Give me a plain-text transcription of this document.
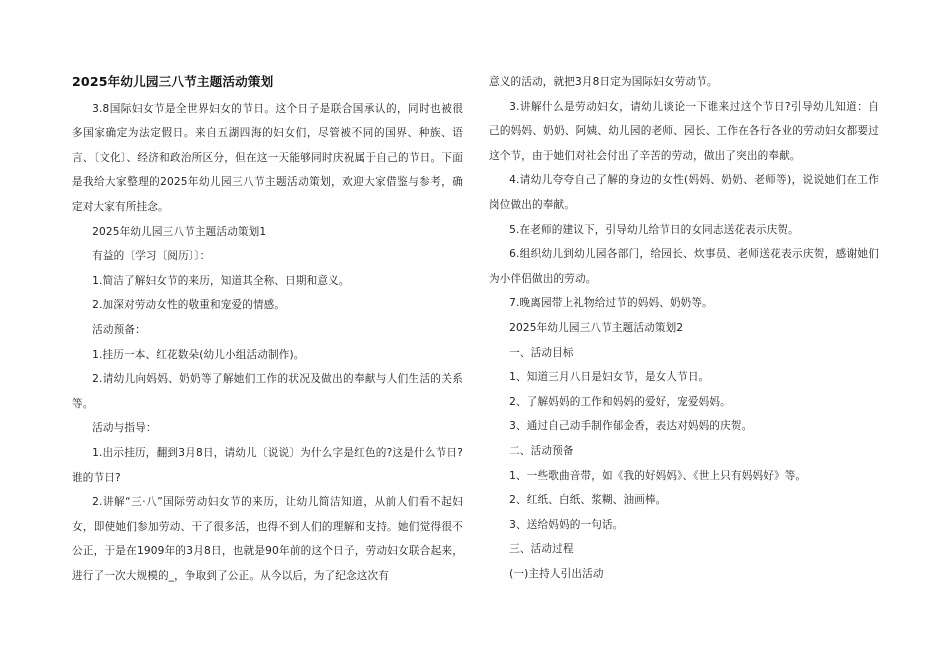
2025年幼儿园三八节主题活动策划

3.8国际妇女节是全世界妇女的节日。这个日子是联合国承认的，同时也被很多国家确定为法定假日。来自五湖四海的妇女们，尽管被不同的国界、种族、语言、〔文化〕、经济和政治所区分，但在这一天能够同时庆祝属于自己的节日。下面是我给大家整理的2025年幼儿园三八节主题活动策划，欢迎大家借鉴与参考，确定对大家有所挂念。

2025年幼儿园三八节主题活动策划1

有益的〔学习〔阅历〕〕：

1.简洁了解妇女节的来历，知道其全称、日期和意义。

2.加深对劳动女性的敬重和宠爱的情感。

活动预备：

1.挂历一本、红花数朵(幼儿小组活动制作)。

2.请幼儿向妈妈、奶奶等了解她们工作的状况及做出的奉献与人们生活的关系等。

活动与指导：

1.出示挂历，翻到3月8日，请幼儿〔说说〕为什么字是红色的?这是什么节日?谁的节日?

2.讲解“三·八”国际劳动妇女节的来历，让幼儿简洁知道，从前人们看不起妇女，即使她们参加劳动、干了很多活，也得不到人们的理解和支持。她们觉得很不公正，于是在1909年的3月8日，也就是90年前的这个日子，劳动妇女联合起来，进行了一次大规模的_，争取到了公正。从今以后，为了纪念这次有

意义的活动，就把3月8日定为国际妇女劳动节。

3.讲解什么是劳动妇女，请幼儿谈论一下谁来过这个节日?引导幼儿知道：自己的妈妈、奶奶、阿姨、幼儿园的老师、园长、工作在各行各业的劳动妇女都要过这个节，由于她们对社会付出了辛苦的劳动，做出了突出的奉献。

4.请幼儿夸夸自己了解的身边的女性(妈妈、奶奶、老师等)，说说她们在工作岗位做出的奉献。

5.在老师的建议下，引导幼儿给节日的女同志送花表示庆贺。

6.组织幼儿到幼儿园各部门，给园长、炊事员、老师送花表示庆贺，感谢她们为小伴侣做出的劳动。

7.晚离园带上礼物给过节的妈妈、奶奶等。

2025年幼儿园三八节主题活动策划2

一、活动目标

1、知道三月八日是妇女节，是女人节日。

2、了解妈妈的工作和妈妈的爱好，宠爱妈妈。

3、通过自己动手制作郁金香，表达对妈妈的庆贺。

二、活动预备

1、一些歌曲音带，如《我的好妈妈》、《世上只有妈妈好》等。

2、红纸、白纸、浆糊、油画棒。

3、送给妈妈的一句话。

三、活动过程

(一)主持人引出活动
